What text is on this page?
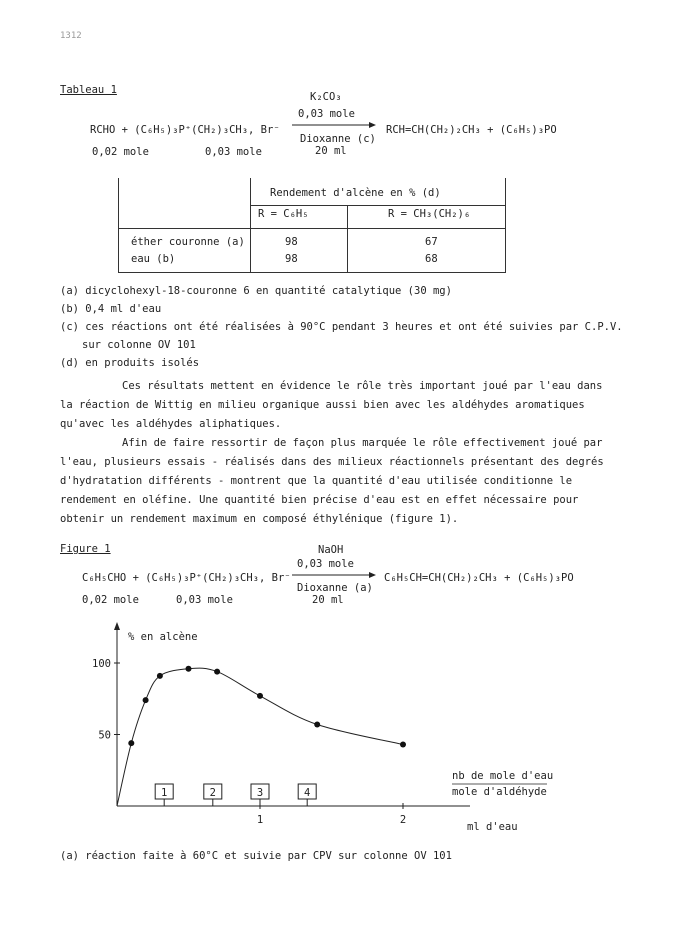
1312
Tableau 1
RCHO + (C₆H₅)₃P⁺(CH₂)₃CH₃, Br⁻
K₂CO₃
0,03 mole
Dioxanne (c)
20 ml
RCH=CH(CH₂)₂CH₃ + (C₆H₅)₃PO
0,02 mole	0,03 mole
Rendement d'alcène en % (d)
R = C₆H₅	R = CH₃(CH₂)₆
éther couronne (a)	98	67
eau (b)	98	68
(a) dicyclohexyl-18-couronne 6 en quantité catalytique (30 mg)
(b) 0,4 ml d'eau
(c) ces réactions ont été réalisées à 90°C pendant 3 heures et ont été suivies par C.P.V.
sur colonne OV 101
(d) en produits isolés
Ces résultats mettent en évidence le rôle très important joué par l'eau dans la réaction de Wittig en milieu organique aussi bien avec les aldéhydes aromatiques qu'avec les aldéhydes aliphatiques.
Afin de faire ressortir de façon plus marquée le rôle effectivement joué par l'eau, plusieurs essais - réalisés dans des milieux réactionnels présentant des degrés d'hydratation différents - montrent que la quantité d'eau utilisée conditionne le rendement en oléfine. Une quantité bien précise d'eau est en effet nécessaire pour obtenir un rendement maximum en composé éthylénique (figure 1).
Figure 1
C₆H₅CHO + (C₆H₅)₃P⁺(CH₂)₃CH₃, Br⁻
NaOH
0,03 mole
Dioxanne (a)
20 ml
C₆H₅CH=CH(CH₂)₂CH₃ + (C₆H₅)₃PO
0,02 mole	0,03 mole
% en alcène
ml d'eau
nb de mole d'eau
mole d'aldéhyde
50
100
1	2
1	2	3	4
(a) réaction faite à 60°C et suivie par CPV sur colonne OV 101
